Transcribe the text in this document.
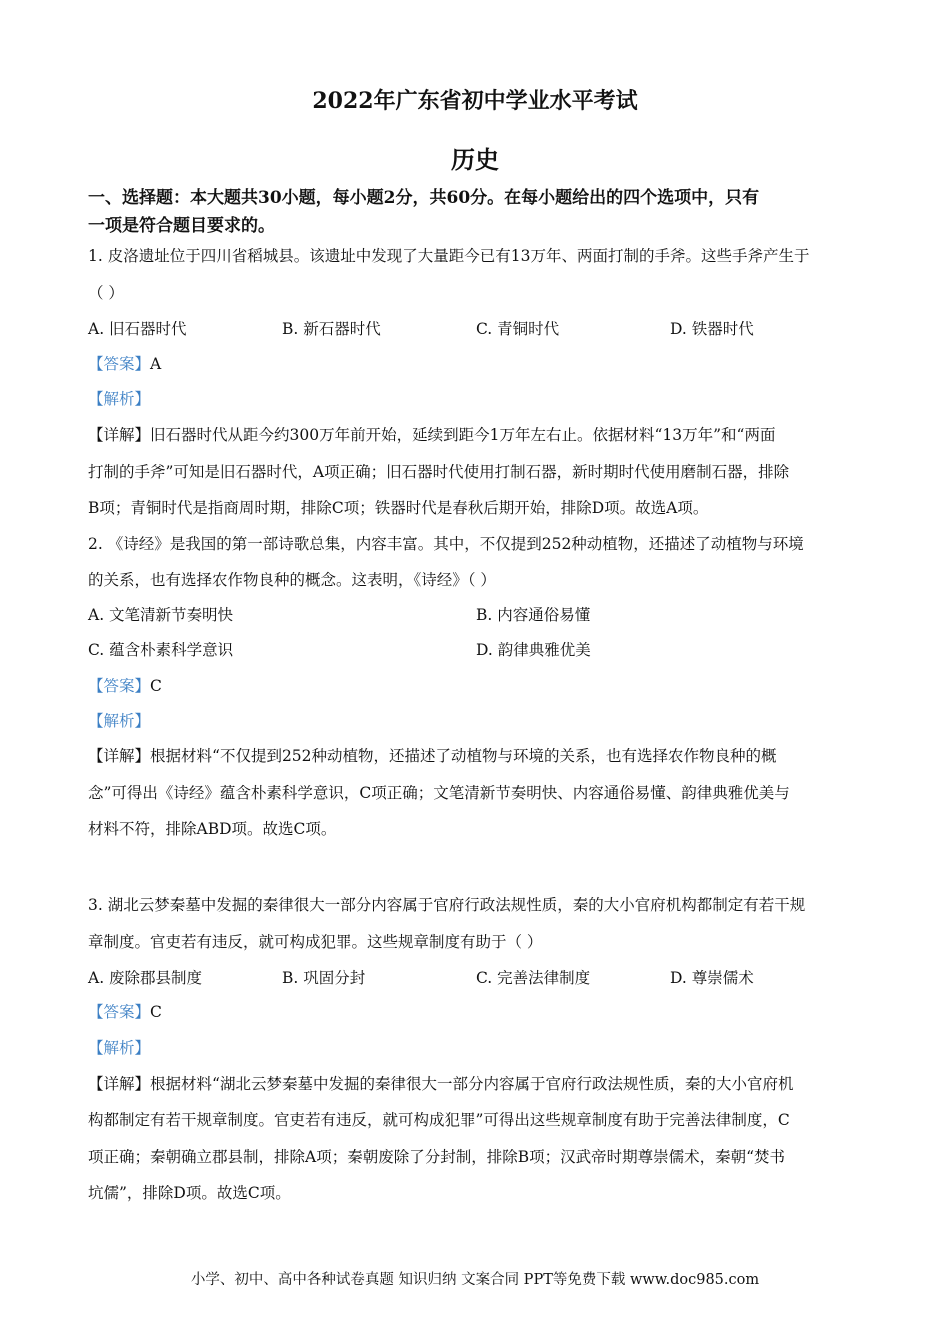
2022年广东省初中学业水平考试
历史
一、选择题：本大题共30小题，每小题2分，共60分。在每小题给出的四个选项中，只有
一项是符合题目要求的。
1. 皮洛遗址位于四川省稻城县。该遗址中发现了大量距今已有13万年、两面打制的手斧。这些手斧产生于
（ ）
A. 旧石器时代	B. 新石器时代	C. 青铜时代	D. 铁器时代
【答案】A
【解析】
【详解】旧石器时代从距今约300万年前开始，延续到距今1万年左右止。依据材料“13万年”和“两面
打制的手斧”可知是旧石器时代，A项正确；旧石器时代使用打制石器，新时期时代使用磨制石器，排除
B项；青铜时代是指商周时期，排除C项；铁器时代是春秋后期开始，排除D项。故选A项。
2. 《诗经》是我国的第一部诗歌总集，内容丰富。其中，不仅提到252种动植物，还描述了动植物与环境
的关系，也有选择农作物良种的概念。这表明，《诗经》（ ）
A. 文笔清新节奏明快	B. 内容通俗易懂
C. 蕴含朴素科学意识	D. 韵律典雅优美
【答案】C
【解析】
【详解】根据材料“不仅提到252种动植物，还描述了动植物与环境的关系，也有选择农作物良种的概
念”可得出《诗经》蕴含朴素科学意识，C项正确；文笔清新节奏明快、内容通俗易懂、韵律典雅优美与
材料不符，排除ABD项。故选C项。
3. 湖北云梦秦墓中发掘的秦律很大一部分内容属于官府行政法规性质，秦的大小官府机构都制定有若干规
章制度。官吏若有违反，就可构成犯罪。这些规章制度有助于（ ）
A. 废除郡县制度	B. 巩固分封	C. 完善法律制度	D. 尊崇儒术
【答案】C
【解析】
【详解】根据材料“湖北云梦秦墓中发掘的秦律很大一部分内容属于官府行政法规性质，秦的大小官府机
构都制定有若干规章制度。官吏若有违反，就可构成犯罪”可得出这些规章制度有助于完善法律制度，C
项正确；秦朝确立郡县制，排除A项；秦朝废除了分封制，排除B项；汉武帝时期尊崇儒术，秦朝“焚书
坑儒”，排除D项。故选C项。
小学、初中、高中各种试卷真题 知识归纳 文案合同 PPT等免费下载 www.doc985.com
